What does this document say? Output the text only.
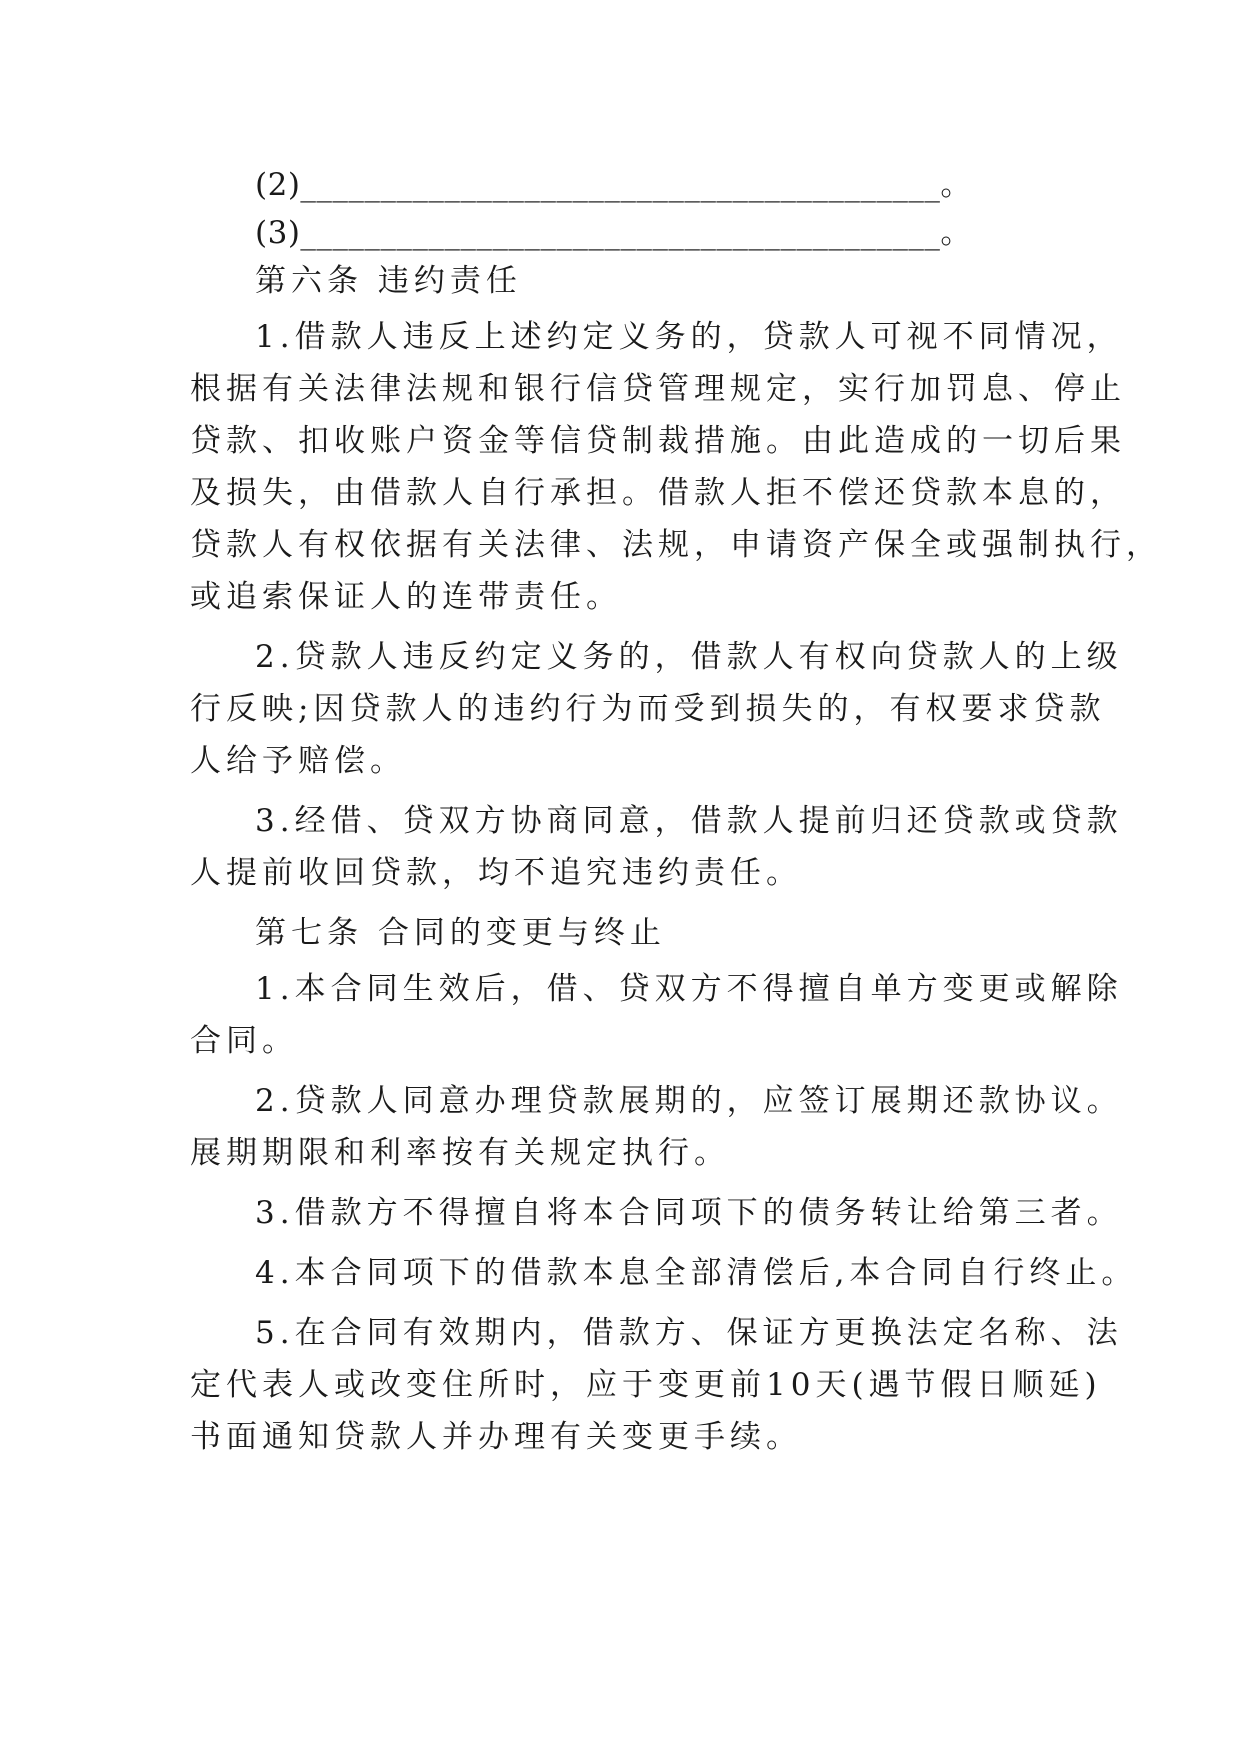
(2)________________________________________。
(3)________________________________________。
第六条 违约责任
1.借款人违反上述约定义务的，贷款人可视不同情况，
根据有关法律法规和银行信贷管理规定，实行加罚息、停止
贷款、扣收账户资金等信贷制裁措施。由此造成的一切后果
及损失，由借款人自行承担。借款人拒不偿还贷款本息的，
贷款人有权依据有关法律、法规，申请资产保全或强制执行，
或追索保证人的连带责任。
2.贷款人违反约定义务的，借款人有权向贷款人的上级
行反映;因贷款人的违约行为而受到损失的，有权要求贷款
人给予赔偿。
3.经借、贷双方协商同意，借款人提前归还贷款或贷款
人提前收回贷款，均不追究违约责任。
第七条 合同的变更与终止
1.本合同生效后，借、贷双方不得擅自单方变更或解除
合同。
2.贷款人同意办理贷款展期的，应签订展期还款协议。
展期期限和利率按有关规定执行。
3.借款方不得擅自将本合同项下的债务转让给第三者。
4.本合同项下的借款本息全部清偿后,本合同自行终止。
5.在合同有效期内，借款方、保证方更换法定名称、法
定代表人或改变住所时，应于变更前10天(遇节假日顺延)
书面通知贷款人并办理有关变更手续。
